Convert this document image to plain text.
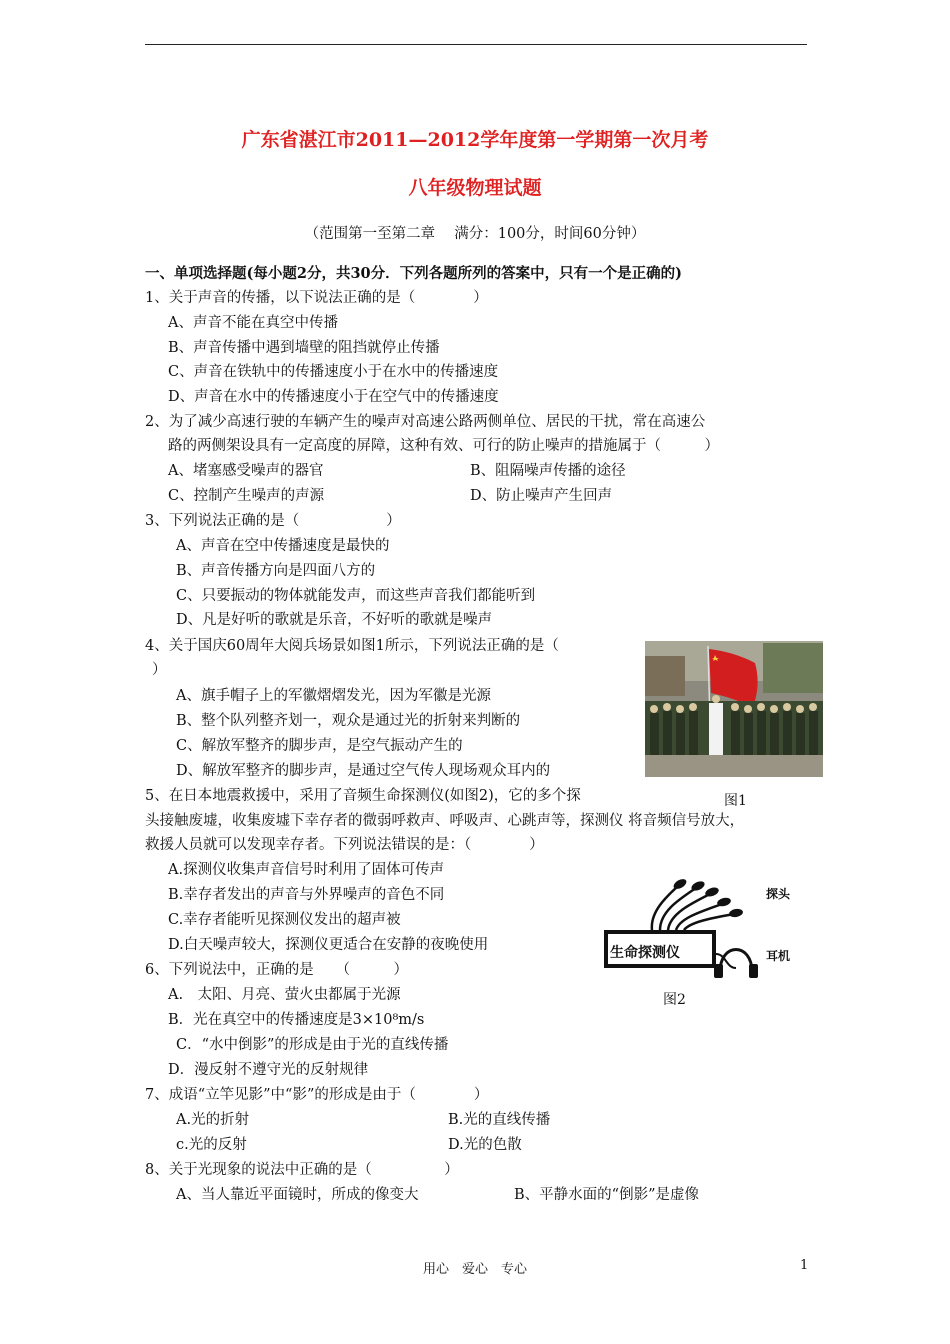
广东省湛江市2011—2012学年度第一学期第一次月考
八年级物理试题
（范围第一至第二章　 满分：100分，时间60分钟）
一、单项选择题(每小题2分，共30分．下列各题所列的答案中，只有一个是正确的)
1、关于声音的传播，以下说法正确的是（　　　　）
A、声音不能在真空中传播
B、声音传播中遇到墙壁的阻挡就停止传播
C、声音在铁轨中的传播速度小于在水中的传播速度
D、声音在水中的传播速度小于在空气中的传播速度
2、为了减少高速行驶的车辆产生的噪声对高速公路两侧单位、居民的干扰，常在高速公
路的两侧架设具有一定高度的屏障，这种有效、可行的防止噪声的措施属于（　　　）
A、堵塞感受噪声的器官	B、阻隔噪声传播的途径
C、控制产生噪声的声源	D、防止噪声产生回声
3、下列说法正确的是（　　　　　　）
A、声音在空中传播速度是最快的
B、声音传播方向是四面八方的
C、只要振动的物体就能发声，而这些声音我们都能听到
D、凡是好听的歌就是乐音，不好听的歌就是噪声
4、关于国庆60周年大阅兵场景如图1所示，下列说法正确的是（
）
A、旗手帽子上的军徽熠熠发光，因为军徽是光源
B、整个队列整齐划一，观众是通过光的折射来判断的
C、解放军整齐的脚步声，是空气振动产生的
D、解放军整齐的脚步声，是通过空气传人现场观众耳内的
图1
5、在日本地震救援中，采用了音频生命探测仪(如图2)，它的多个探
头接触废墟，收集废墟下幸存者的微弱呼救声、呼吸声、心跳声等，探测仪 将音频信号放大，
救援人员就可以发现幸存者。下列说法错误的是：（　　　　）
A.探测仪收集声音信号时利用了固体可传声
B.幸存者发出的声音与外界噪声的音色不同
C.幸存者能听见探测仪发出的超声被
D.白天噪声较大，探测仪更适合在安静的夜晚使用	生命探测仪
探头
耳机
图2
6、下列说法中，正确的是　　（　　　）
A.　太阳、月亮、萤火虫都属于光源
B．光在真空中的传播速度是3×10⁸m/s
C．“水中倒影”的形成是由于光的直线传播
D．漫反射不遵守光的反射规律
7、成语“立竿见影”中“影”的形成是由于（　　　　）
A.光的折射	B.光的直线传播
c.光的反射	D.光的色散
8、关于光现象的说法中正确的是（　　　　　）
A、当人靠近平面镜时，所成的像变大	B、平静水面的“倒影”是虚像
用心　爱心　专心	1
